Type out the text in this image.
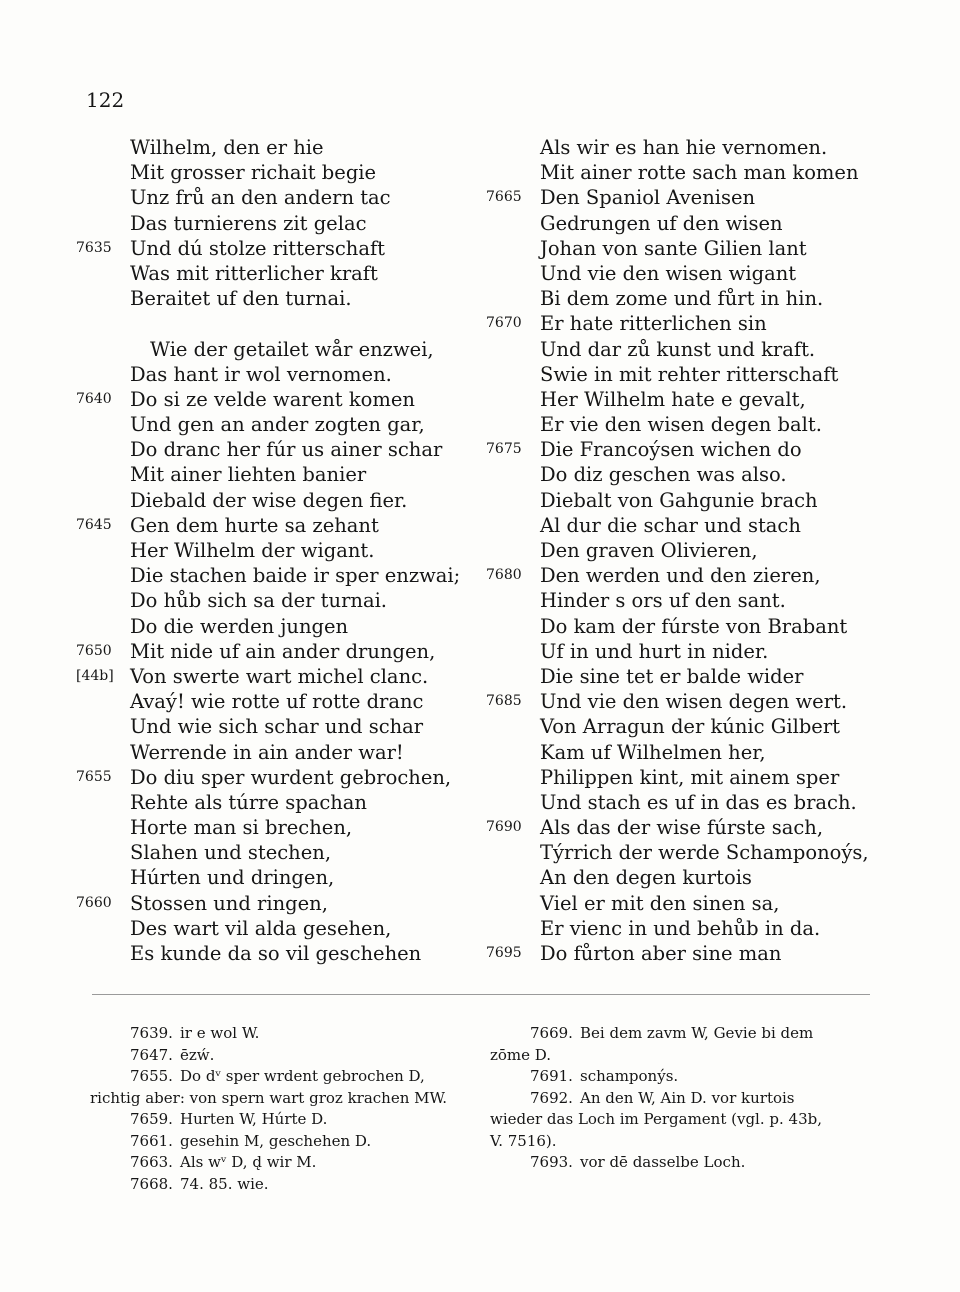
122
Wilhelm, den er hie
Mit grosser richait begie
Unz frů an den andern tac
Das turnierens zit gelac
7635 Und dú stolze ritterschaft
Was mit ritterlicher kraft
Beraitet uf den turnai.
Wie der getailet wår enzwei,
Das hant ir wol vernomen.
7640 Do si ze velde warent komen
Und gen an ander zogten gar,
Do dranc her fúr us ainer schar
Mit ainer liehten banier
Diebald der wise degen fier.
7645 Gen dem hurte sa zehant
Her Wilhelm der wigant.
Die stachen baide ir sper enzwai;
Do hůb sich sa der turnai.
Do die werden jungen
7650 Mit nide uf ain ander drungen,
[44b] Von swerte wart michel clanc.
Avaý! wie rotte uf rotte dranc
Und wie sich schar und schar
Werrende in ain ander war!
7655 Do diu sper wurdent gebrochen,
Rehte als túrre spachan
Horte man si brechen,
Slahen und stechen,
Húrten und dringen,
7660 Stossen und ringen,
Des wart vil alda gesehen,
Es kunde da so vil geschehen
Als wir es han hie vernomen.
Mit ainer rotte sach man komen
7665 Den Spaniol Avenisen
Gedrungen uf den wisen
Johan von sante Gilien lant
Und vie den wisen wigant
Bi dem zome und fůrt in hin.
7670 Er hate ritterlichen sin
Und dar zů kunst und kraft.
Swie in mit rehter ritterschaft
Her Wilhelm hate e gevalt,
Er vie den wisen degen balt.
7675 Die Francoýsen wichen do
Do diz geschen was also.
Diebalt von Gahgunie brach
Al dur die schar und stach
Den graven Olivieren,
7680 Den werden und den zieren,
Hinder s ors uf den sant.
Do kam der fúrste von Brabant
Uf in und hurt in nider.
Die sine tet er balde wider
7685 Und vie den wisen degen wert.
Von Arragun der kúnic Gilbert
Kam uf Wilhelmen her,
Philippen kint, mit ainem sper
Und stach es uf in das es brach.
7690 Als das der wise fúrste sach,
Týrrich der werde Schamponoýs,
An den degen kurtois
Viel er mit den sinen sa,
Er vienc in und behůb in da.
7695 Do fůrton aber sine man
7639. ir e wol W.
7647. ēzẃ.
7655. Do dᵛ sper wrdent gebrochen D,
richtig aber: von spern wart groz krachen MW.
7659. Hurten W, Húrte D.
7661. gesehin M, geschehen D.
7663. Als wᵛ D, d̨ wir M.
7668. 74. 85. wie.
7669. Bei dem zavm W, Gevie bi dem
zōme D.
7691. schamponýs.
7692. An den W, Ain D. vor kurtois
wieder das Loch im Pergament (vgl. p. 43b,
V. 7516).
7693. vor dē dasselbe Loch.
